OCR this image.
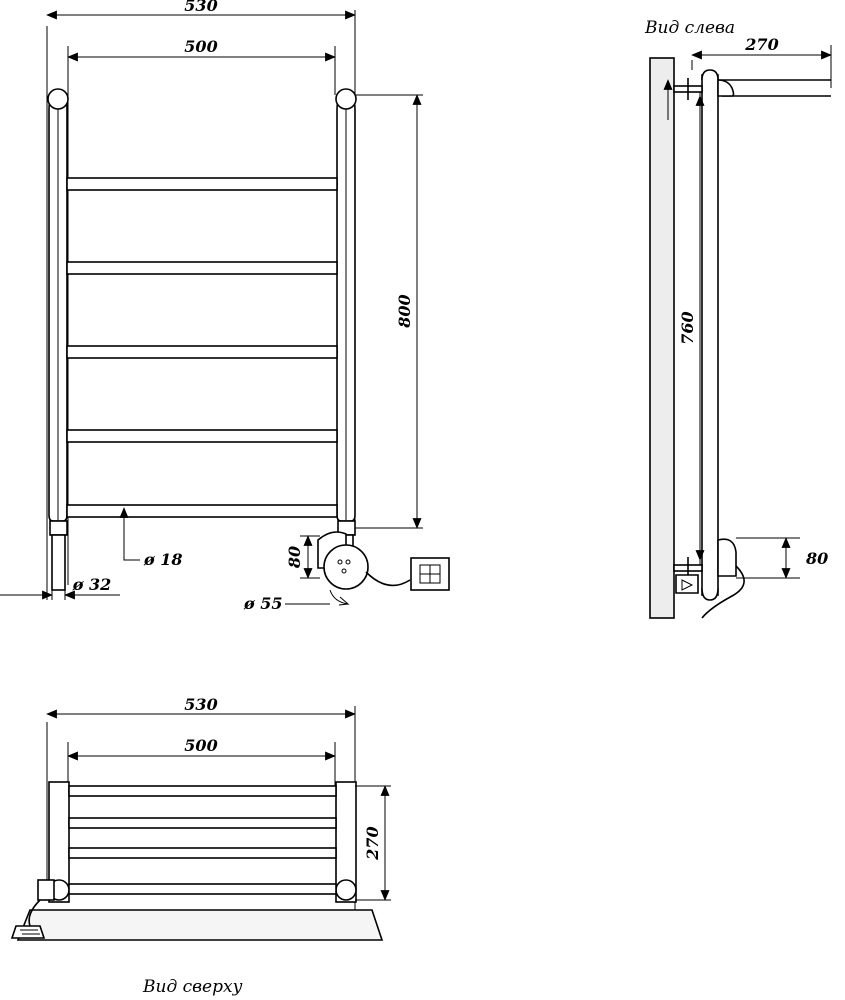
530
500
800
ø 18
ø 32
80
ø 55
Вид слева
270
760
80
530
500
270
Вид сверху
